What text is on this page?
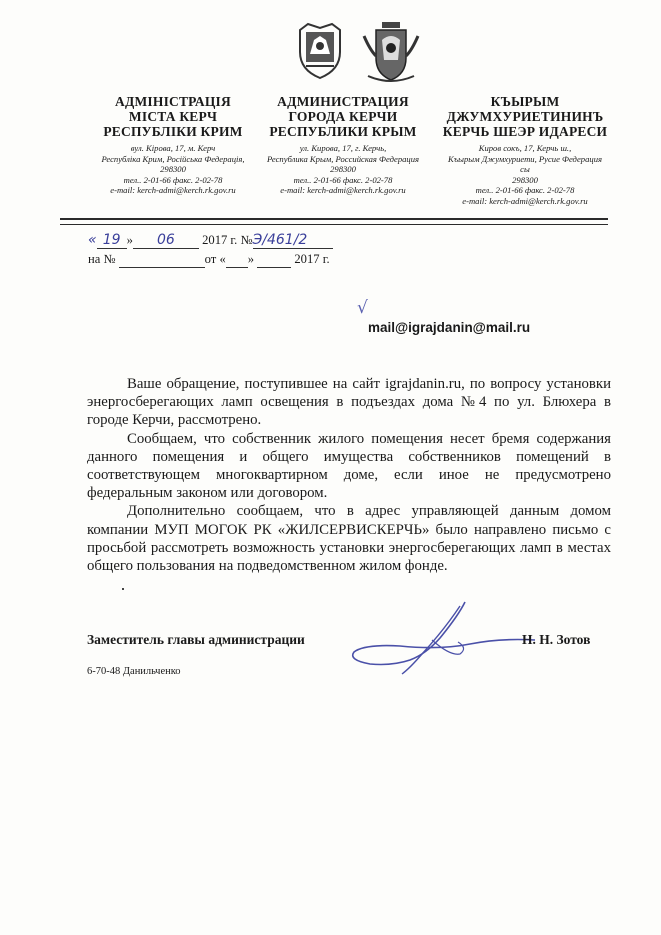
АДМІНІСТРАЦІЯ
МІСТА КЕРЧ
РЕСПУБЛІКИ КРИМ
вул. Кірова, 17, м. Керч
Республіка Крим, Російська Федерація,
298300
тел.. 2-01-66 факс. 2-02-78
e-mail: kerch-admi@kerch.rk.gov.ru
АДМИНИСТРАЦИЯ
ГОРОДА КЕРЧИ
РЕСПУБЛИКИ КРЫМ
ул. Кирова, 17, г. Керчь,
Республика Крым, Российская Федерация
298300
тел.. 2-01-66 факс. 2-02-78
e-mail: kerch-admi@kerch.rk.gov.ru
КЪЫРЫМ
ДЖУМХУРИЕТИНИНЪ
КЕРЧЬ ШЕЭР ИДАРЕСИ
Киров сокъ, 17, Керчь ш.,
Къырым Джумхуриети, Русие Федерация
сы
298300
тел.. 2-01-66 факс. 2-02-78
e-mail: kerch-admi@kerch.rk.gov.ru
« 19 » 06 2017 г. №Э/461/2
на №	от « »	2017 г.
√
mail@igrajdanin@mail.ru

Ваше обращение, поступившее на сайт igrajdanin.ru, по вопросу установки энергосберегающих ламп освещения в подъездах дома №4 по ул. Блюхера в городе Керчи, рассмотрено.

Сообщаем, что собственник жилого помещения несет бремя содержания данного помещения и общего имущества собственников помещений в соответствующем многоквартирном доме, если иное не предусмотрено федеральным законом или договором.

Дополнительно сообщаем, что в адрес управляющей данным домом компании МУП МОГОК РК «ЖИЛСЕРВИСКЕРЧЬ» было направлено письмо с просьбой рассмотреть возможность установки энергосберегающих ламп в местах общего пользования на подведомственном жилом фонде.

Заместитель главы администрации	Н. Н. Зотов
6-70-48 Данильченко
